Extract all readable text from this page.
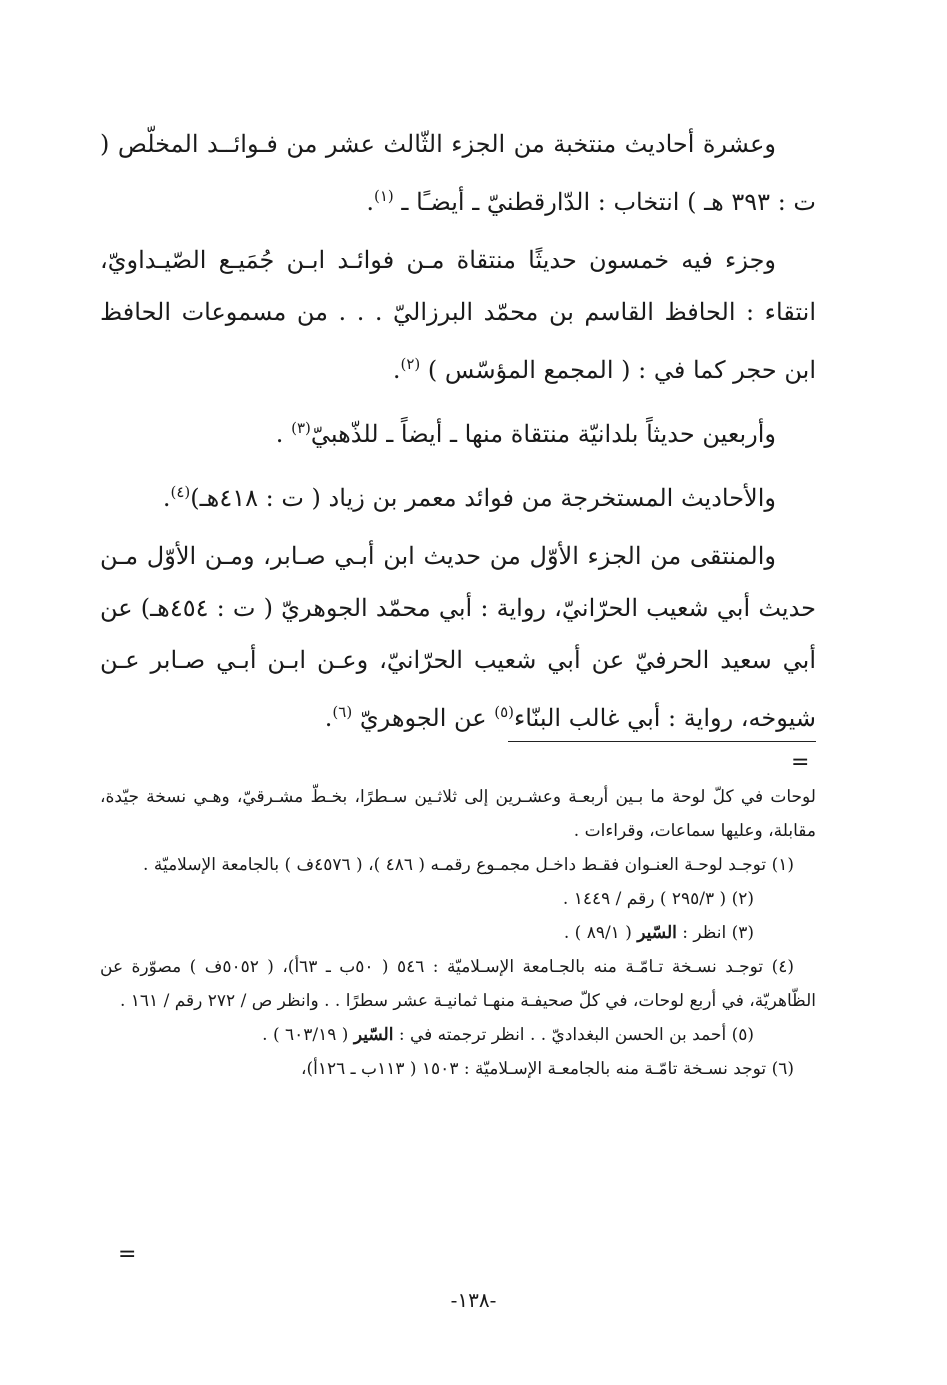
وعشرة أحاديث منتخبة من الجزء الثّالث عشر من فـوائــد المخلّص ( ت : ٣٩٣ هـ ) انتخاب : الدّارقطنيّ ـ أيضـًا ـ $^{(١)}$.

وجزء فيه خمسون حديثًا منتقاة مـن فوائـد ابـن جُمَيـع الصّيـداويّ، انتقاء : الحافظ القاسم بن محمّد البرزاليّ . . . من مسموعات الحافظ ابن حجر كما في : ( المجمع المؤسّس ) $^{(٢)}$.

وأربعين حديثاً بلدانيّة منتقاة منها ـ أيضاً ـ للذّهبيّ$^{(٣)}$ .

والأحاديث المستخرجة من فوائد معمر بن زياد ( ت : ٤١٨هـ)$^{(٤)}$.

والمنتقى من الجزء الأوّل من حديث ابن أبـي صـابر، ومـن الأوّل مـن حديث أبي شعيب الحرّانيّ، رواية : أبي محمّد الجوهريّ ( ت : ٤٥٤هـ) عن أبي سعيد الحرفيّ عن أبي شعيب الحرّانيّ، وعـن ابـن أبـي صـابر عـن شيوخه، رواية : أبي غالب البنّاء$^{(٥)}$ عن الجوهريّ $^{(٦)}$.

=

لوحات في كلّ لوحة ما بـين أربعـة وعشـرين إلى ثلاثـين سـطرًا، بخـطّ مشـرقيّ، وهـي نسخة جيّدة، مقابلة، وعليها سماعات، وقراءات .

(١) توجـد لوحـة العنـوان فقـط داخـل مجمـوع رقمـه ( ٤٨٦ )، ( ٤٥٧٦ف ) بالجامعة الإسلاميّة .

(٢) ( ٢٩٥/٣ ) رقم / ١٤٤٩ .

(٣) انظر : السّير ( ٨٩/١ ) .

(٤) توجـد نسـخة تـامّـة منه بالجـامعة الإسـلاميّة : ٥٤٦ ( ٥٠ب ـ ٦٣أ)، ( ٥٠٥٢ف ) مصوّرة عن الظّاهريّة، في أربع لوحات، في كلّ صحيفـة منهـا ثمانيـة عشر سطرًا . . وانظر ص / ٢٧٢ رقم / ١٦١ .

(٥) أحمد بن الحسن البغداديّ . . انظر ترجمته في : السّير ( ٦٠٣/١٩ ) .

(٦) توجد نسـخة تامّـة منه بالجامعـة الإسـلاميّة : ١٥٠٣ ( ١١٣ب ـ ١٢٦أ)،

=
-١٣٨-
